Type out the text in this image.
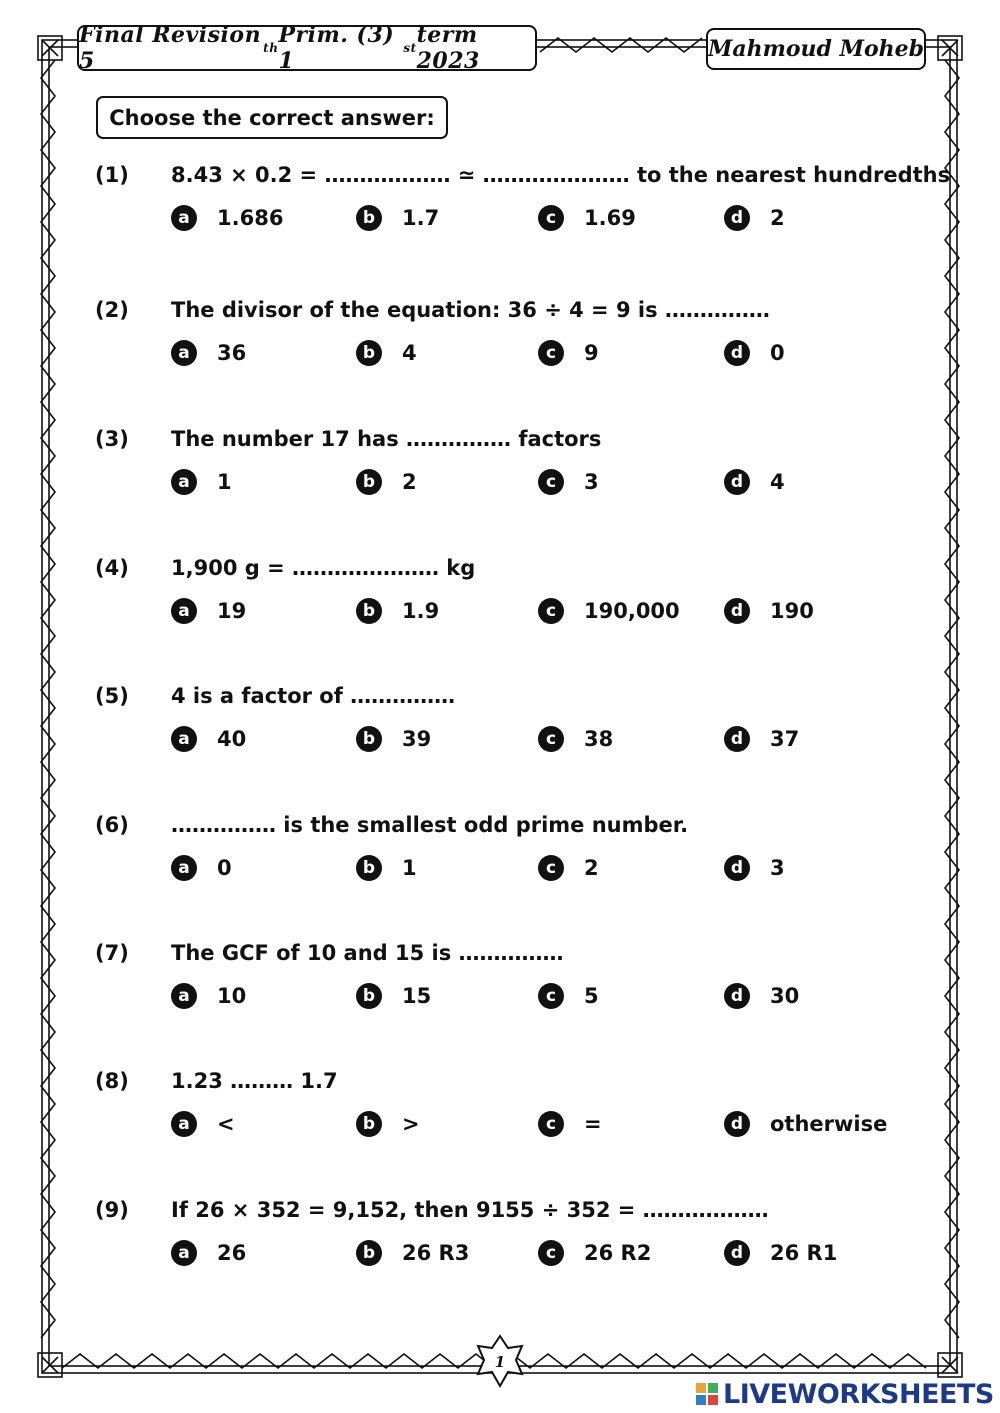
Final Revision 5	th Prim. (3) 1	st term 2023	Mahmoud Moheb
Choose the correct answer:
(1) 8.43 × 0.2 = ……………… ≃ ………………… to the nearest hundredths
a	1.686	b	1.7	c	1.69	d	2
(2) The divisor of the equation: 36 ÷ 4 = 9 is ……………
a	36	b	4	c	9	d	0
(3) The number 17 has …………… factors
a	1	b	2	c	3	d	4
(4) 1,900 g = ………………… kg
a	19	b	1.9	c	190,000	d	190
(5) 4 is a factor of ……………
a	40	b	39	c	38	d	37
(6) …………… is the smallest odd prime number.
a	0	b	1	c	2	d	3
(7) The GCF of 10 and 15 is ……………
a	10	b	15	c	5	d	30
(8) 1.23 ……… 1.7
a	<	b	>	c	=	d	otherwise
(9) If 26 × 352 = 9,152, then 9155 ÷ 352 = ………………
a	26	b	26 R3	c	26 R2	d	26 R1
1
LIVEWORKSHEETS
